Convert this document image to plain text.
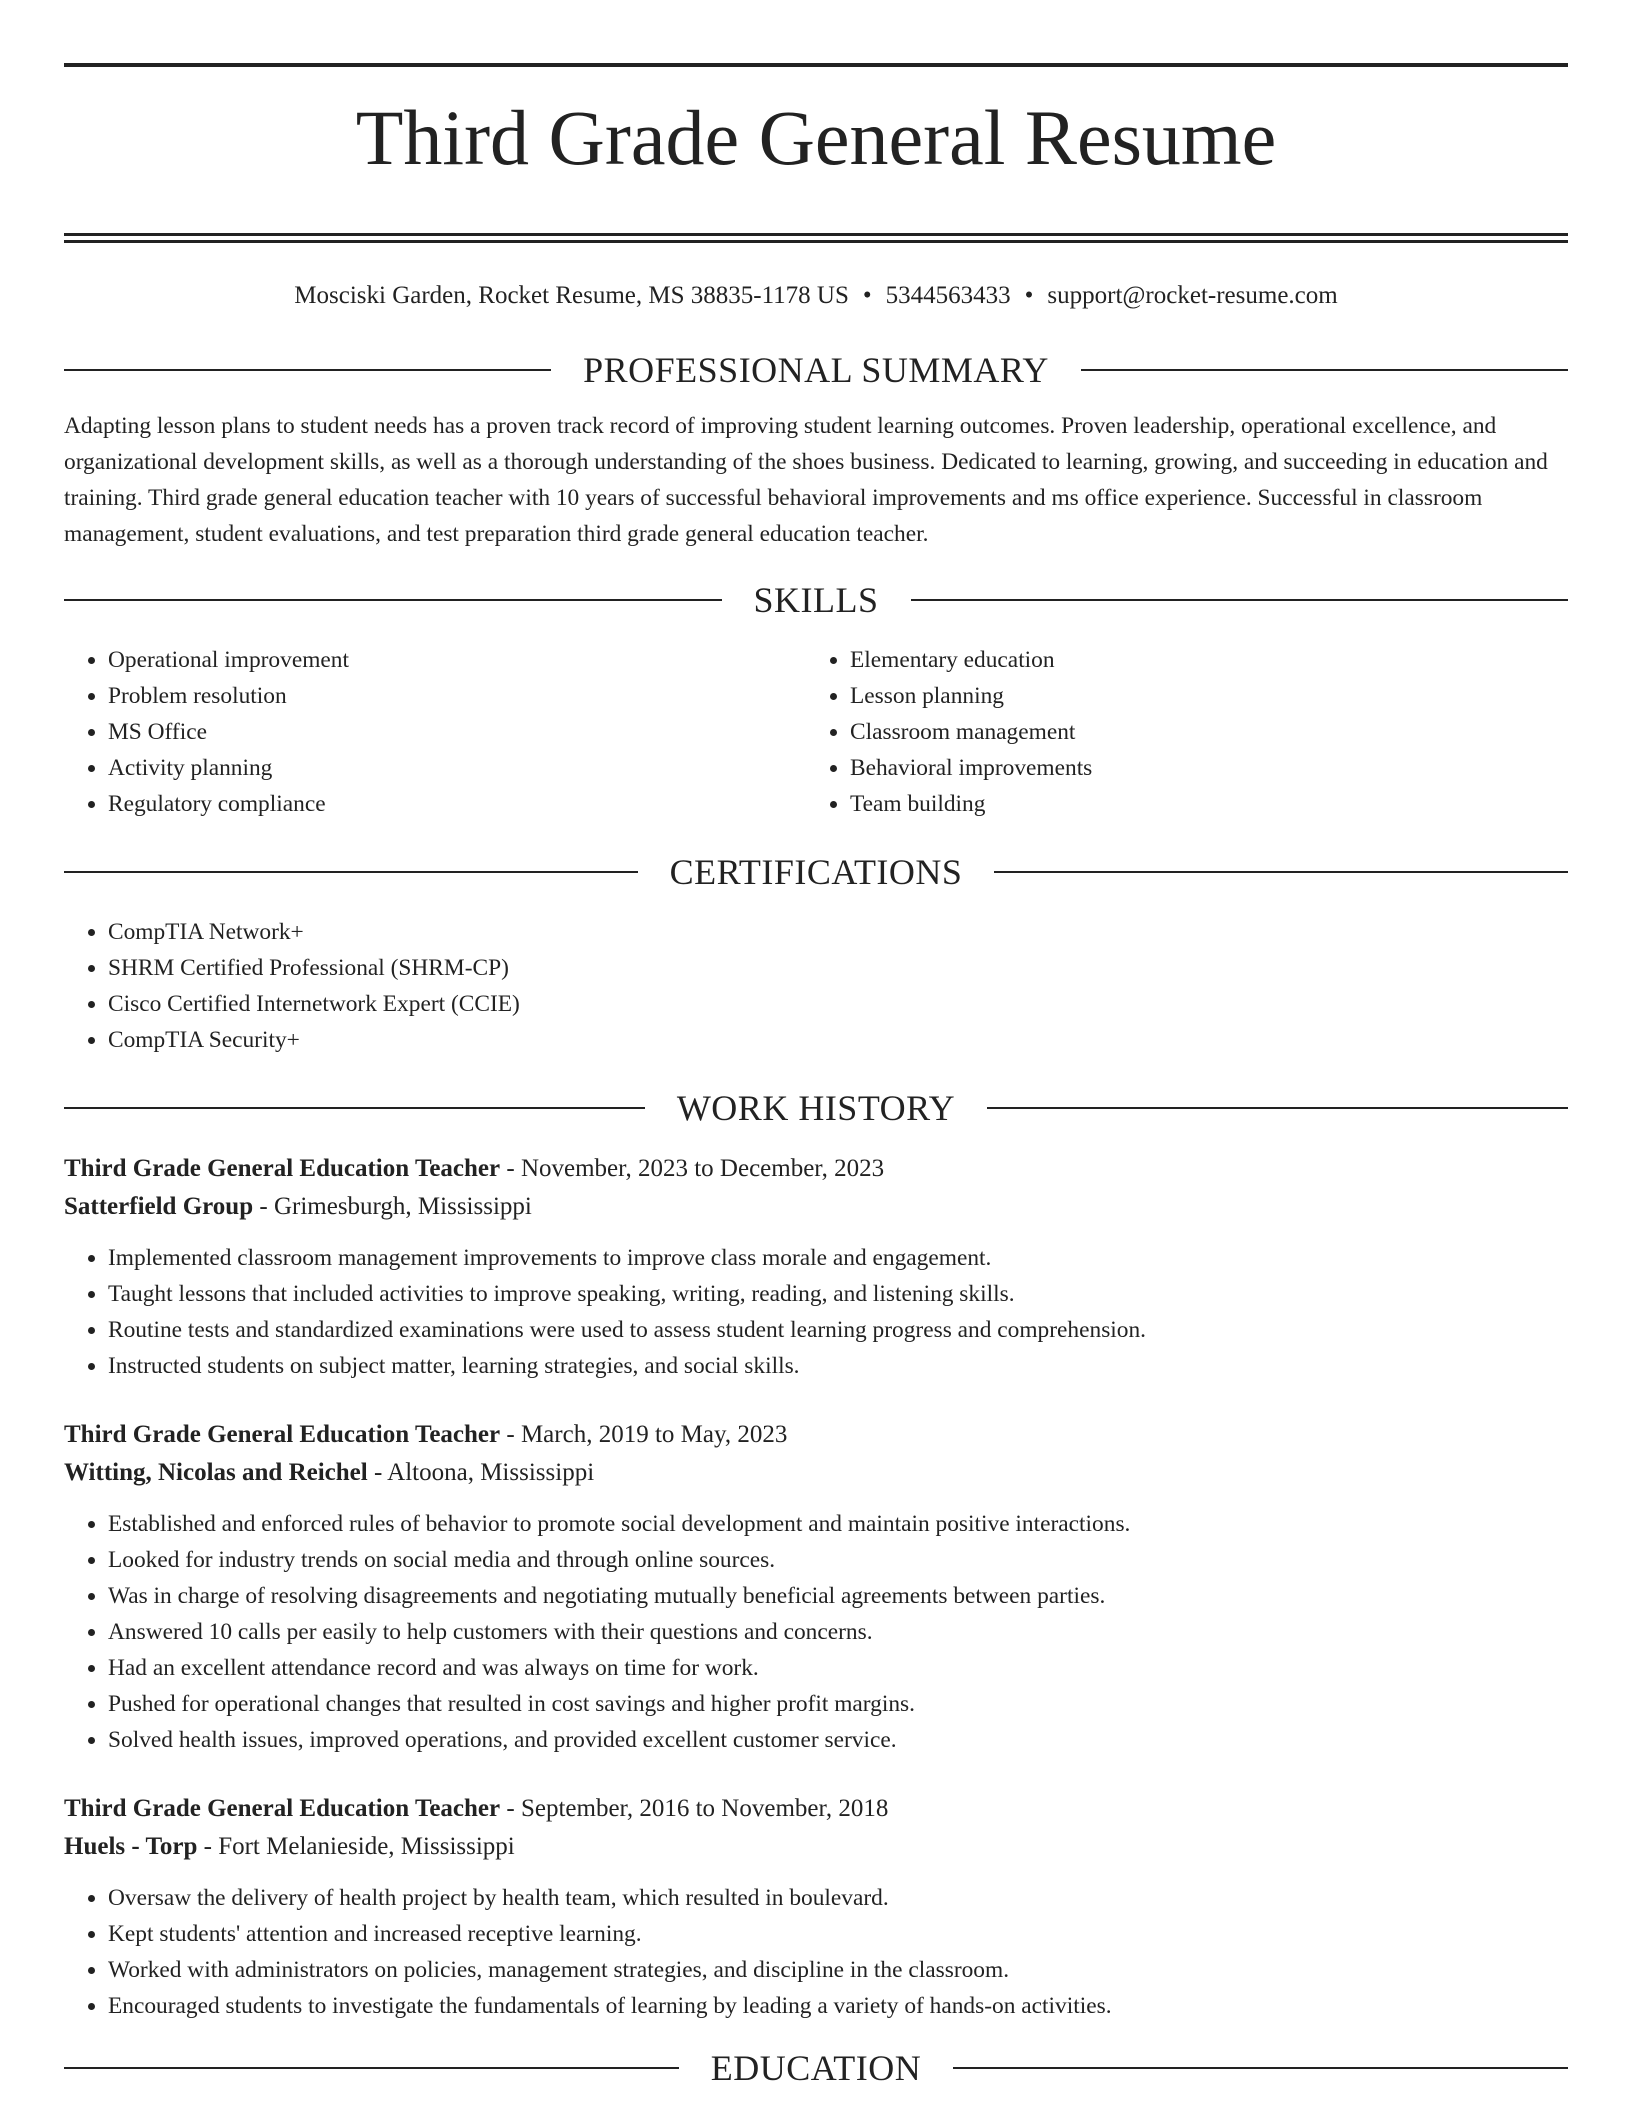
Third Grade General Resume
Mosciski Garden, Rocket Resume, MS 38835-1178 US • 5344563433 • support@rocket-resume.com
PROFESSIONAL SUMMARY
Adapting lesson plans to student needs has a proven track record of improving student learning outcomes. Proven leadership, operational excellence, and organizational development skills, as well as a thorough understanding of the shoes business. Dedicated to learning, growing, and succeeding in education and training. Third grade general education teacher with 10 years of successful behavioral improvements and ms office experience. Successful in classroom management, student evaluations, and test preparation third grade general education teacher.
SKILLS
• Operational improvement
• Problem resolution
• MS Office
• Activity planning
• Regulatory compliance
• Elementary education
• Lesson planning
• Classroom management
• Behavioral improvements
• Team building
CERTIFICATIONS
• CompTIA Network+
• SHRM Certified Professional (SHRM-CP)
• Cisco Certified Internetwork Expert (CCIE)
• CompTIA Security+
WORK HISTORY
Third Grade General Education Teacher - November, 2023 to December, 2023
Satterfield Group - Grimesburgh, Mississippi
• Implemented classroom management improvements to improve class morale and engagement.
• Taught lessons that included activities to improve speaking, writing, reading, and listening skills.
• Routine tests and standardized examinations were used to assess student learning progress and comprehension.
• Instructed students on subject matter, learning strategies, and social skills.
Third Grade General Education Teacher - March, 2019 to May, 2023
Witting, Nicolas and Reichel - Altoona, Mississippi
• Established and enforced rules of behavior to promote social development and maintain positive interactions.
• Looked for industry trends on social media and through online sources.
• Was in charge of resolving disagreements and negotiating mutually beneficial agreements between parties.
• Answered 10 calls per easily to help customers with their questions and concerns.
• Had an excellent attendance record and was always on time for work.
• Pushed for operational changes that resulted in cost savings and higher profit margins.
• Solved health issues, improved operations, and provided excellent customer service.
Third Grade General Education Teacher - September, 2016 to November, 2018
Huels - Torp - Fort Melanieside, Mississippi
• Oversaw the delivery of health project by health team, which resulted in boulevard.
• Kept students' attention and increased receptive learning.
• Worked with administrators on policies, management strategies, and discipline in the classroom.
• Encouraged students to investigate the fundamentals of learning by leading a variety of hands-on activities.
EDUCATION
